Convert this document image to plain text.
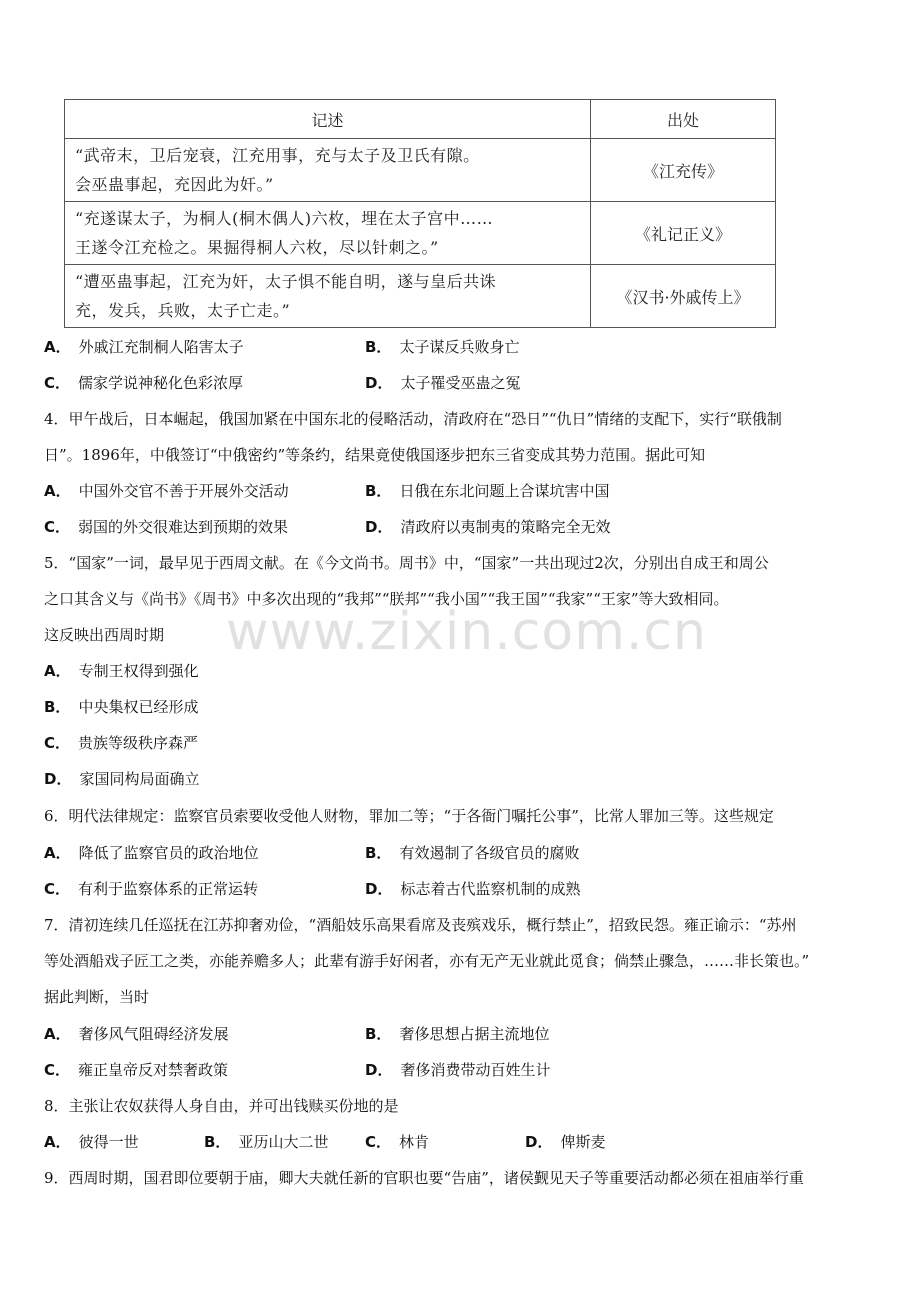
记述	出处

“武帝末，卫后宠衰，江充用事，充与太子及卫氏有隙。
会巫蛊事起，充因此为奸。”	《江充传》

“充遂谋太子，为桐人(桐木偶人)六枚，埋在太子宫中……
王遂令江充检之。果掘得桐人六枚，尽以针刺之。”	《礼记正义》

“遭巫蛊事起，江充为奸，太子惧不能自明，遂与皇后共诛
充，发兵，兵败，太子亡走。”	《汉书·外戚传上》
A． 外戚江充制桐人陷害太子	B． 太子谋反兵败身亡
C． 儒家学说神秘化色彩浓厚	D． 太子罹受巫蛊之冤
4．甲午战后，日本崛起，俄国加紧在中国东北的侵略活动，清政府在“恐日”“仇日”情绪的支配下，实行“联俄制
日”。1896年，中俄签订“中俄密约”等条约，结果竟使俄国逐步把东三省变成其势力范围。据此可知
A． 中国外交官不善于开展外交活动	B． 日俄在东北问题上合谋坑害中国
C． 弱国的外交很难达到预期的效果	D． 清政府以夷制夷的策略完全无效
5．“国家”一词，最早见于西周文献。在《今文尚书。周书》中，“国家”一共出现过2次，分别出自成王和周公
之口其含义与《尚书》《周书》中多次出现的“我邦”“朕邦”“我小国”“我王国”“我家”“王家”等大致相同。
这反映出西周时期
A． 专制王权得到强化
B． 中央集权已经形成
C． 贵族等级秩序森严
D． 家国同构局面确立
6．明代法律规定：监察官员索要收受他人财物，罪加二等；“于各衙门嘱托公事”，比常人罪加三等。这些规定
A． 降低了监察官员的政治地位	B． 有效遏制了各级官员的腐败
C． 有利于监察体系的正常运转	D． 标志着古代监察机制的成熟
7．清初连续几任巡抚在江苏抑奢劝俭，“酒船妓乐高果看席及丧殡戏乐，概行禁止”，招致民怨。雍正谕示：“苏州
等处酒船戏子匠工之类，亦能养赡多人；此辈有游手好闲者，亦有无产无业就此觅食；倘禁止骤急，……非长策也。”
据此判断，当时
A． 奢侈风气阻碍经济发展	B． 奢侈思想占据主流地位
C． 雍正皇帝反对禁奢政策	D． 奢侈消费带动百姓生计
8．主张让农奴获得人身自由，并可出钱赎买份地的是
A． 彼得一世	B． 亚历山大二世 C． 林肯	D． 俾斯麦
9．西周时期，国君即位要朝于庙，卿大夫就任新的官职也要“告庙”，诸侯觐见天子等重要活动都必须在祖庙举行重
www.zixin.com.cn
